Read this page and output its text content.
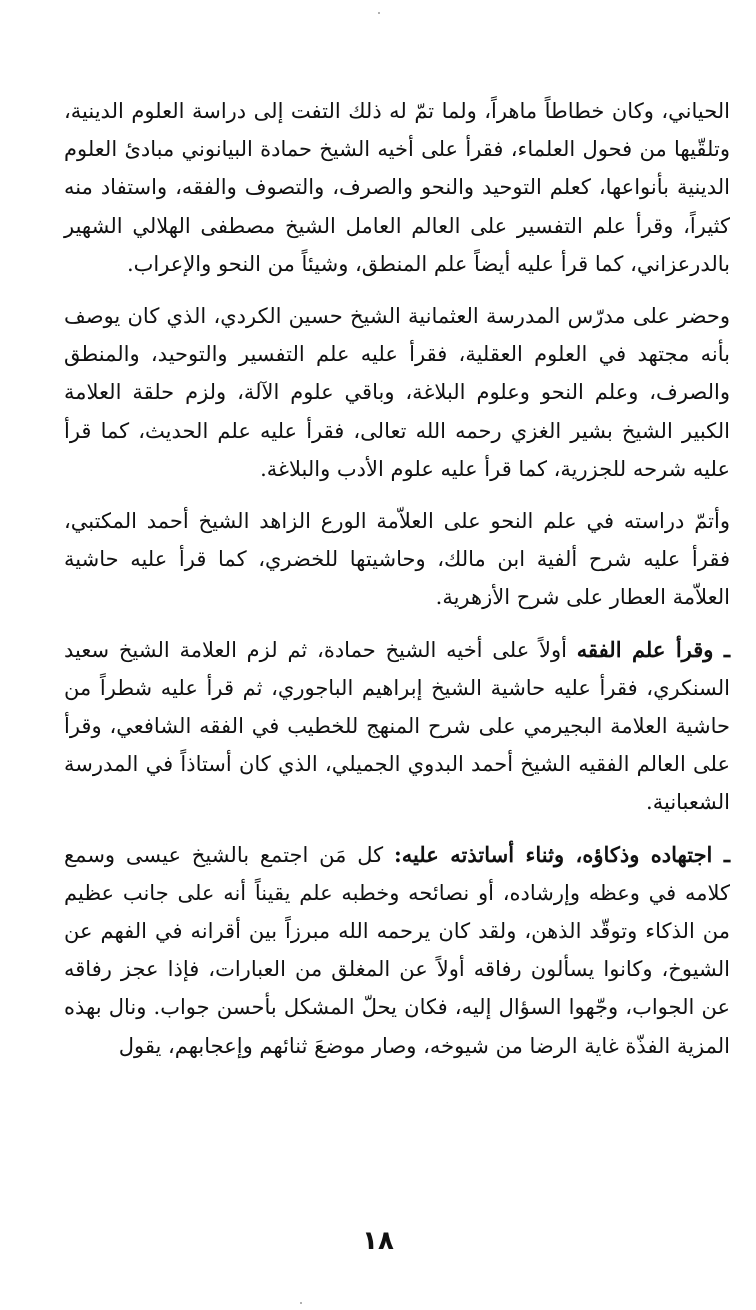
الحياني، وكان خطاطاً ماهراً، ولما تمّ له ذلك التفت إلى دراسة العلوم الدينية، وتلقّيها من فحول العلماء، فقرأ على أخيه الشيخ حمادة البيانوني مبادئ العلوم الدينية بأنواعها، كعلم التوحيد والنحو والصرف، والتصوف والفقه، واستفاد منه كثيراً، وقرأ علم التفسير على العالم العامل الشيخ مصطفى الهلالي الشهير بالدرعزاني، كما قرأ عليه أيضاً علم المنطق، وشيئاً من النحو والإعراب.

وحضر على مدرّس المدرسة العثمانية الشيخ حسين الكردي، الذي كان يوصف بأنه مجتهد في العلوم العقلية، فقرأ عليه علم التفسير والتوحيد، والمنطق والصرف، وعلم النحو وعلوم البلاغة، وباقي علوم الآلة، ولزم حلقة العلامة الكبير الشيخ بشير الغزي رحمه الله تعالى، فقرأ عليه علم الحديث، كما قرأ عليه شرحه للجزرية، كما قرأ عليه علوم الأدب والبلاغة.

وأتمّ دراسته في علم النحو على العلاّمة الورع الزاهد الشيخ أحمد المكتبي، فقرأ عليه شرح ألفية ابن مالك، وحاشيتها للخضري، كما قرأ عليه حاشية العلاّمة العطار على شرح الأزهرية.

ـ وقرأ علم الفقه أولاً على أخيه الشيخ حمادة، ثم لزم العلامة الشيخ سعيد السنكري، فقرأ عليه حاشية الشيخ إبراهيم الباجوري، ثم قرأ عليه شطراً من حاشية العلامة البجيرمي على شرح المنهج للخطيب في الفقه الشافعي، وقرأ على العالم الفقيه الشيخ أحمد البدوي الجميلي، الذي كان أستاذاً في المدرسة الشعبانية.

ـ اجتهاده وذكاؤه، وثناء أساتذته عليه: كل مَن اجتمع بالشيخ عيسى وسمع كلامه في وعظه وإرشاده، أو نصائحه وخطبه علم يقيناً أنه على جانب عظيم من الذكاء وتوقّد الذهن، ولقد كان يرحمه الله مبرزاً بين أقرانه في الفهم عن الشيوخ، وكانوا يسألون رفاقه أولاً عن المغلق من العبارات، فإذا عجز رفاقه عن الجواب، وجّهوا السؤال إليه، فكان يحلّ المشكل بأحسن جواب. ونال بهذه المزية الفذّة غاية الرضا من شيوخه، وصار موضعَ ثنائهم وإعجابهم، يقول

١٨
